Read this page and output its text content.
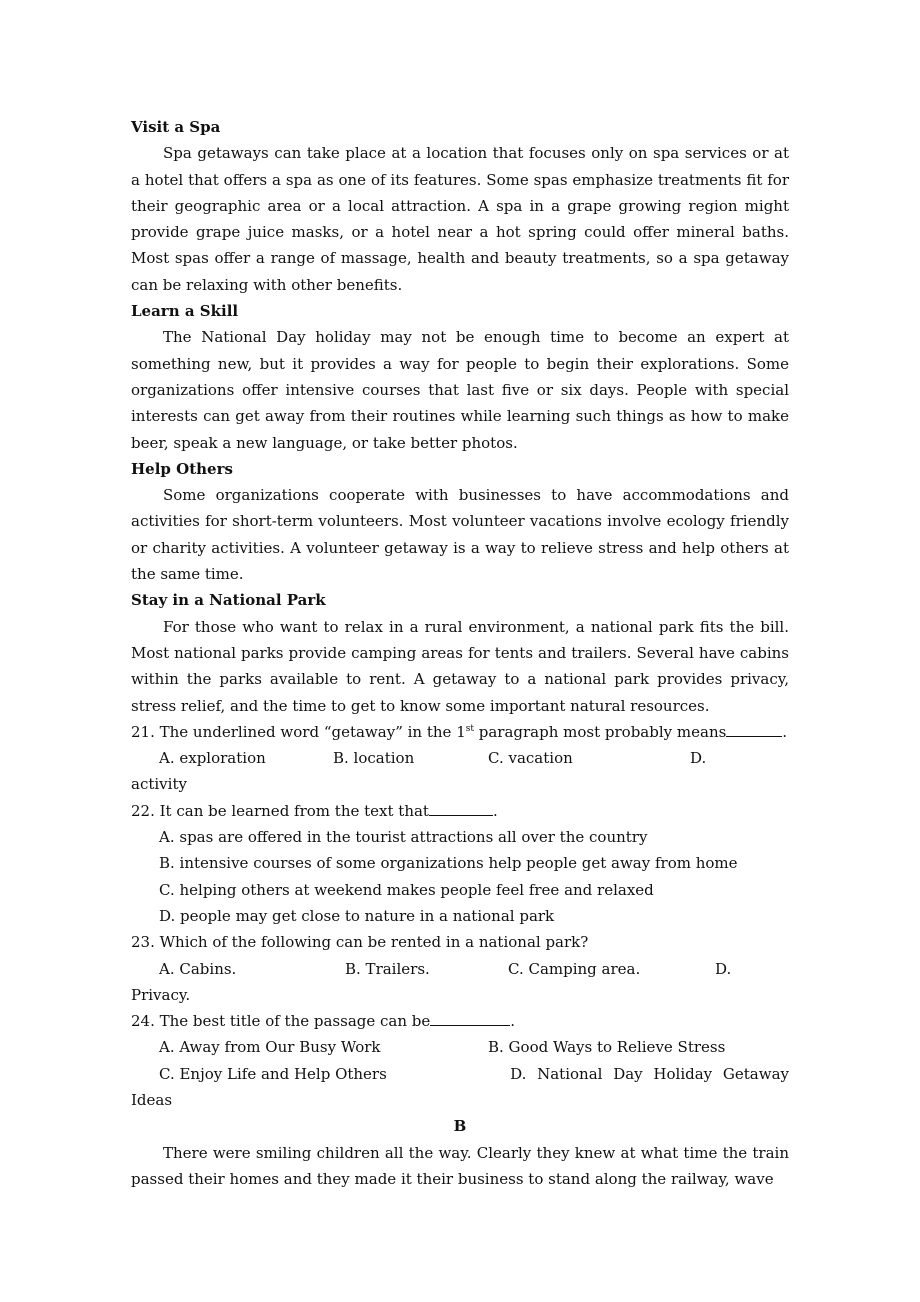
Visit a Spa

Spa getaways can take place at a location that focuses only on spa services or at a hotel that offers a spa as one of its features. Some spas emphasize treatments fit for their geographic area or a local attraction. A spa in a grape growing region might provide grape juice masks, or a hotel near a hot spring could offer mineral baths. Most spas offer a range of massage, health and beauty treatments, so a spa getaway can be relaxing with other benefits.

Learn a Skill

The National Day holiday may not be enough time to become an expert at something new, but it provides a way for people to begin their explorations. Some organizations offer intensive courses that last five or six days. People with special interests can get away from their routines while learning such things as how to make beer, speak a new language, or take better photos.

Help Others

Some organizations cooperate with businesses to have accommodations and activities for short-term volunteers. Most volunteer vacations involve ecology friendly or charity activities. A volunteer getaway is a way to relieve stress and help others at the same time.

Stay in a National Park

For those who want to relax in a rural environment, a national park fits the bill. Most national parks provide camping areas for tents and trailers. Several have cabins within the parks available to rent. A getaway to a national park provides privacy, stress relief, and the time to get to know some important natural resources.

21. The underlined word “getaway” in the 1st paragraph most probably means	.

A. exploration	B. location	C. vacation	D.

activity

22. It can be learned from the text that	.

A. spas are offered in the tourist attractions all over the country

B. intensive courses of some organizations help people get away from home

C. helping others at weekend makes people feel free and relaxed

D. people may get close to nature in a national park

23. Which of the following can be rented in a national park?

A. Cabins.	B. Trailers.	C. Camping area.	D.

Privacy.

24. The best title of the passage can be	.

A. Away from Our Busy Work	B. Good Ways to Relieve Stress
C. Enjoy Life and Help Others	D. National Day Holiday Getaway

Ideas

B

There were smiling children all the way. Clearly they knew at what time the train passed their homes and they made it their business to stand along the railway, wave
